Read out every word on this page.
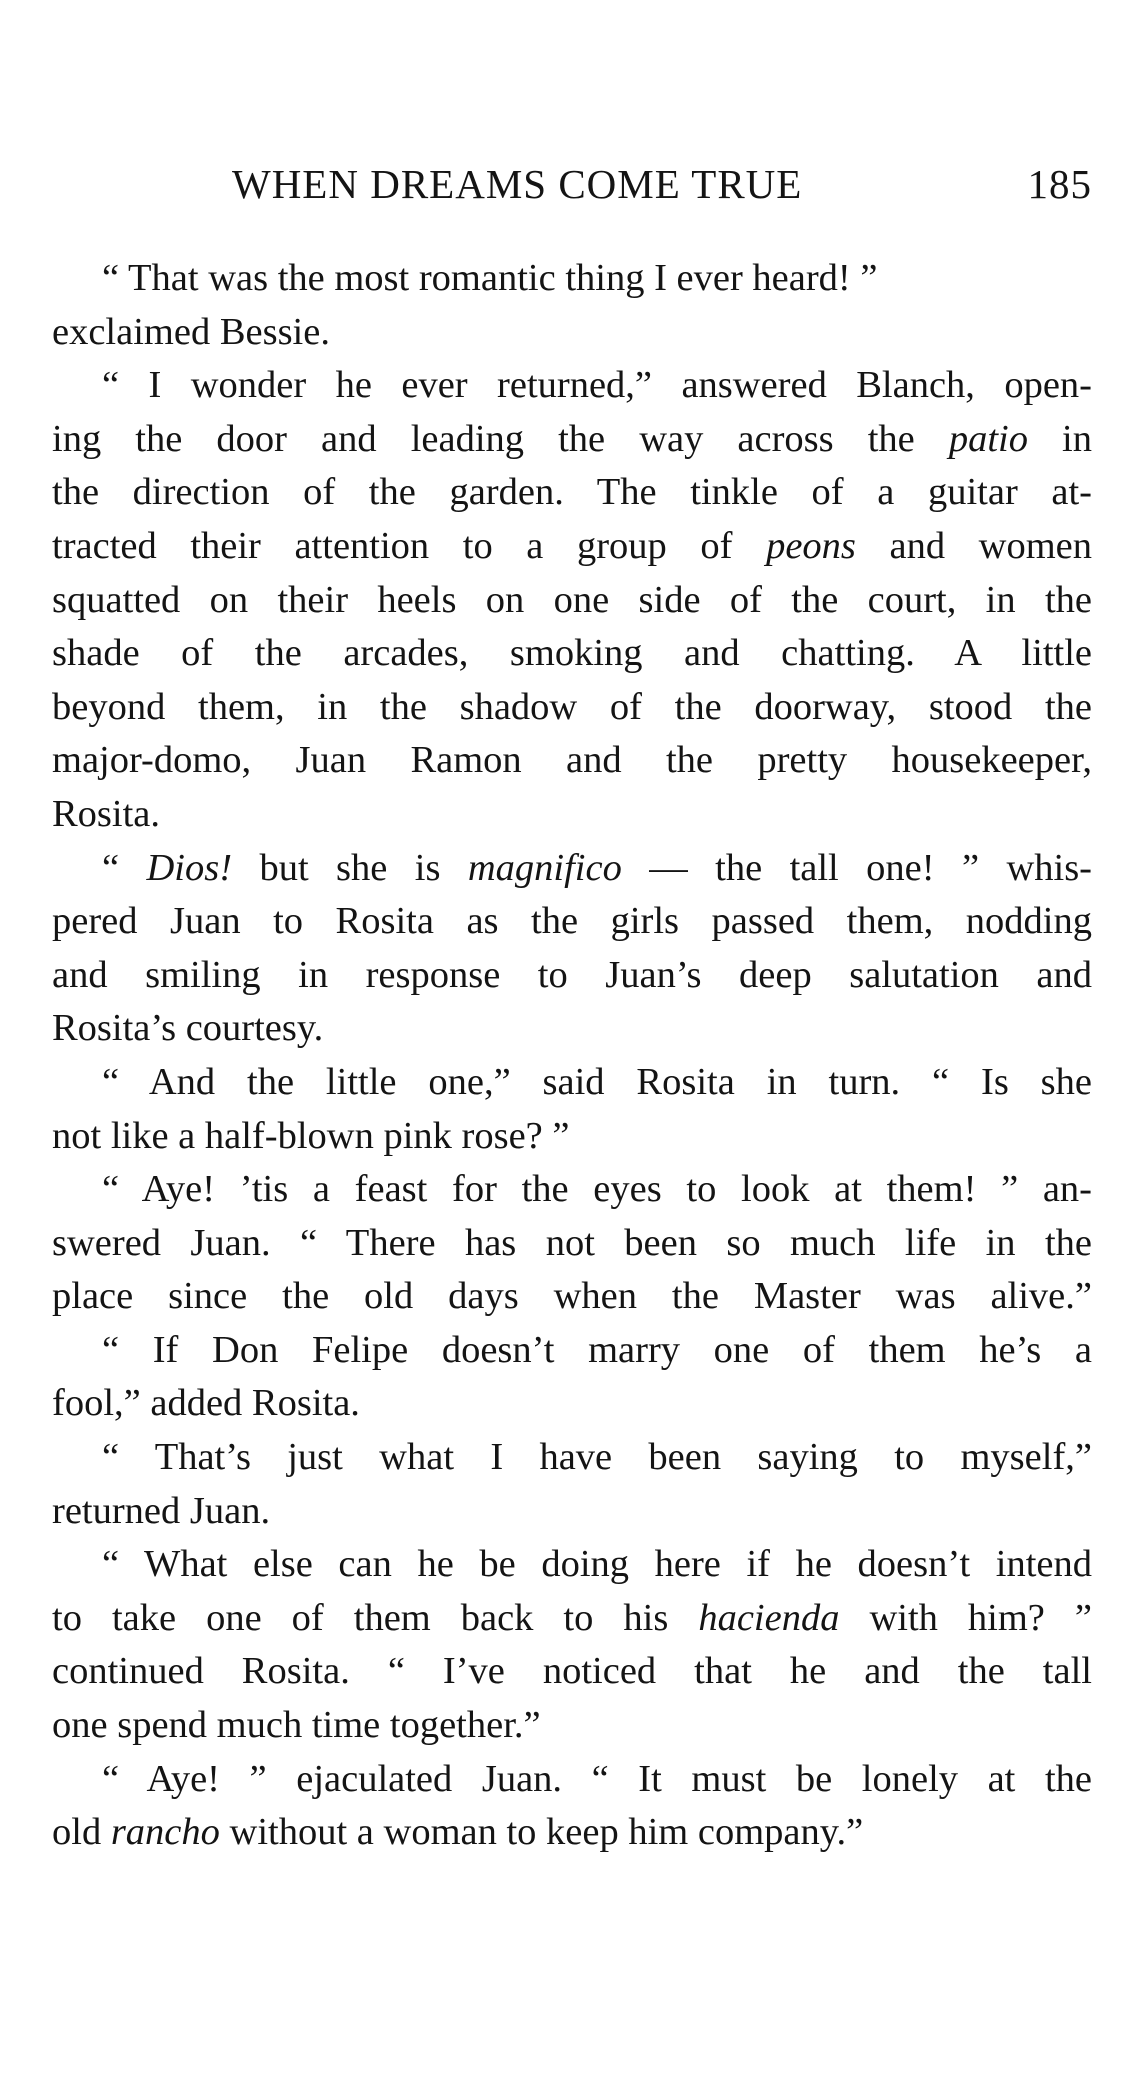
WHEN DREAMS COME TRUE	185
“ That was the most romantic thing I ever heard! ”
exclaimed Bessie.
“ I wonder he ever returned,” answered Blanch, open-
ing the door and leading the way across the patio in
the direction of the garden. The tinkle of a guitar at-
tracted their attention to a group of peons and women
squatted on their heels on one side of the court, in the
shade of the arcades, smoking and chatting. A little
beyond them, in the shadow of the doorway, stood the
major-domo, Juan Ramon and the pretty housekeeper,
Rosita.
“ Dios! but she is magnifico — the tall one! ” whis-
pered Juan to Rosita as the girls passed them, nodding
and smiling in response to Juan’s deep salutation and
Rosita’s courtesy.
“ And the little one,” said Rosita in turn. “ Is she
not like a half-blown pink rose? ”
“ Aye! ’tis a feast for the eyes to look at them! ” an-
swered Juan. “ There has not been so much life in the
place since the old days when the Master was alive.”
“ If Don Felipe doesn’t marry one of them he’s a
fool,” added Rosita.
“ That’s just what I have been saying to myself,”
returned Juan.
“ What else can he be doing here if he doesn’t intend
to take one of them back to his hacienda with him? ”
continued Rosita. “ I’ve noticed that he and the tall
one spend much time together.”
“ Aye! ” ejaculated Juan. “ It must be lonely at the
old rancho without a woman to keep him company.”
